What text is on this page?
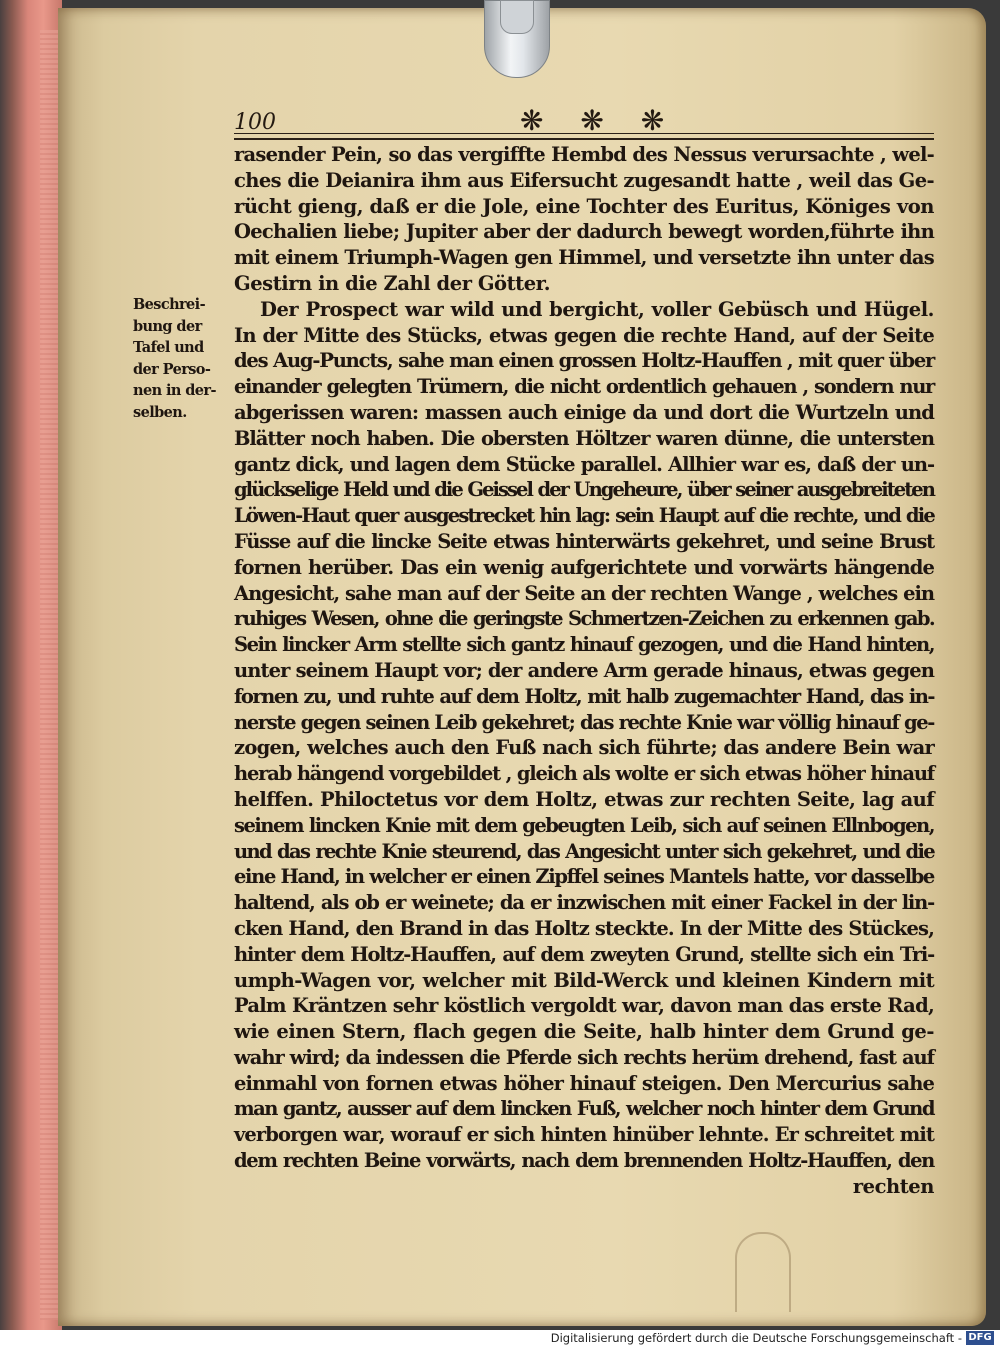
100	❋ ❋ ❋
Beschrei-
bung der
Tafel und
der Perso-
nen in der-
selben.
rasender Pein, so das vergiffte Hembd des Nessus verursachte , wel-
ches die Deianira ihm aus Eifersucht zugesandt hatte , weil das Ge-
rücht gieng, daß er die Jole, eine Tochter des Euritus, Königes von
Oechalien liebe; Jupiter aber der dadurch bewegt worden,führte ihn
mit einem Triumph-Wagen gen Himmel, und versetzte ihn unter das
Gestirn in die Zahl der Götter.
Der Prospect war wild und bergicht, voller Gebüsch und Hügel.
In der Mitte des Stücks, etwas gegen die rechte Hand, auf der Seite
des Aug-Puncts, sahe man einen grossen Holtz-Hauffen , mit quer über
einander gelegten Trümern, die nicht ordentlich gehauen , sondern nur
abgerissen waren: massen auch einige da und dort die Wurtzeln und
Blätter noch haben. Die obersten Höltzer waren dünne, die untersten
gantz dick, und lagen dem Stücke parallel. Allhier war es, daß der un-
glückselige Held und die Geissel der Ungeheure, über seiner ausgebreiteten
Löwen-Haut quer ausgestrecket hin lag: sein Haupt auf die rechte, und die
Füsse auf die lincke Seite etwas hinterwärts gekehret, und seine Brust
fornen herüber. Das ein wenig aufgerichtete und vorwärts hängende
Angesicht, sahe man auf der Seite an der rechten Wange , welches ein
ruhiges Wesen, ohne die geringste Schmertzen-Zeichen zu erkennen gab.
Sein lincker Arm stellte sich gantz hinauf gezogen, und die Hand hinten,
unter seinem Haupt vor; der andere Arm gerade hinaus, etwas gegen
fornen zu, und ruhte auf dem Holtz, mit halb zugemachter Hand, das in-
nerste gegen seinen Leib gekehret; das rechte Knie war völlig hinauf ge-
zogen, welches auch den Fuß nach sich führte; das andere Bein war
herab hängend vorgebildet , gleich als wolte er sich etwas höher hinauf
helffen. Philoctetus vor dem Holtz, etwas zur rechten Seite, lag auf
seinem lincken Knie mit dem gebeugten Leib, sich auf seinen Ellnbogen,
und das rechte Knie steurend, das Angesicht unter sich gekehret, und die
eine Hand, in welcher er einen Zipffel seines Mantels hatte, vor dasselbe
haltend, als ob er weinete; da er inzwischen mit einer Fackel in der lin-
cken Hand, den Brand in das Holtz steckte. In der Mitte des Stückes,
hinter dem Holtz-Hauffen, auf dem zweyten Grund, stellte sich ein Tri-
umph-Wagen vor, welcher mit Bild-Werck und kleinen Kindern mit
Palm Kräntzen sehr köstlich vergoldt war, davon man das erste Rad,
wie einen Stern, flach gegen die Seite, halb hinter dem Grund ge-
wahr wird; da indessen die Pferde sich rechts herüm drehend, fast auf
einmahl von fornen etwas höher hinauf steigen. Den Mercurius sahe
man gantz, ausser auf dem lincken Fuß, welcher noch hinter dem Grund
verborgen war, worauf er sich hinten hinüber lehnte. Er schreitet mit
dem rechten Beine vorwärts, nach dem brennenden Holtz-Hauffen, den
rechten
Digitalisierung gefördert durch die Deutsche Forschungsgemeinschaft - DFG
